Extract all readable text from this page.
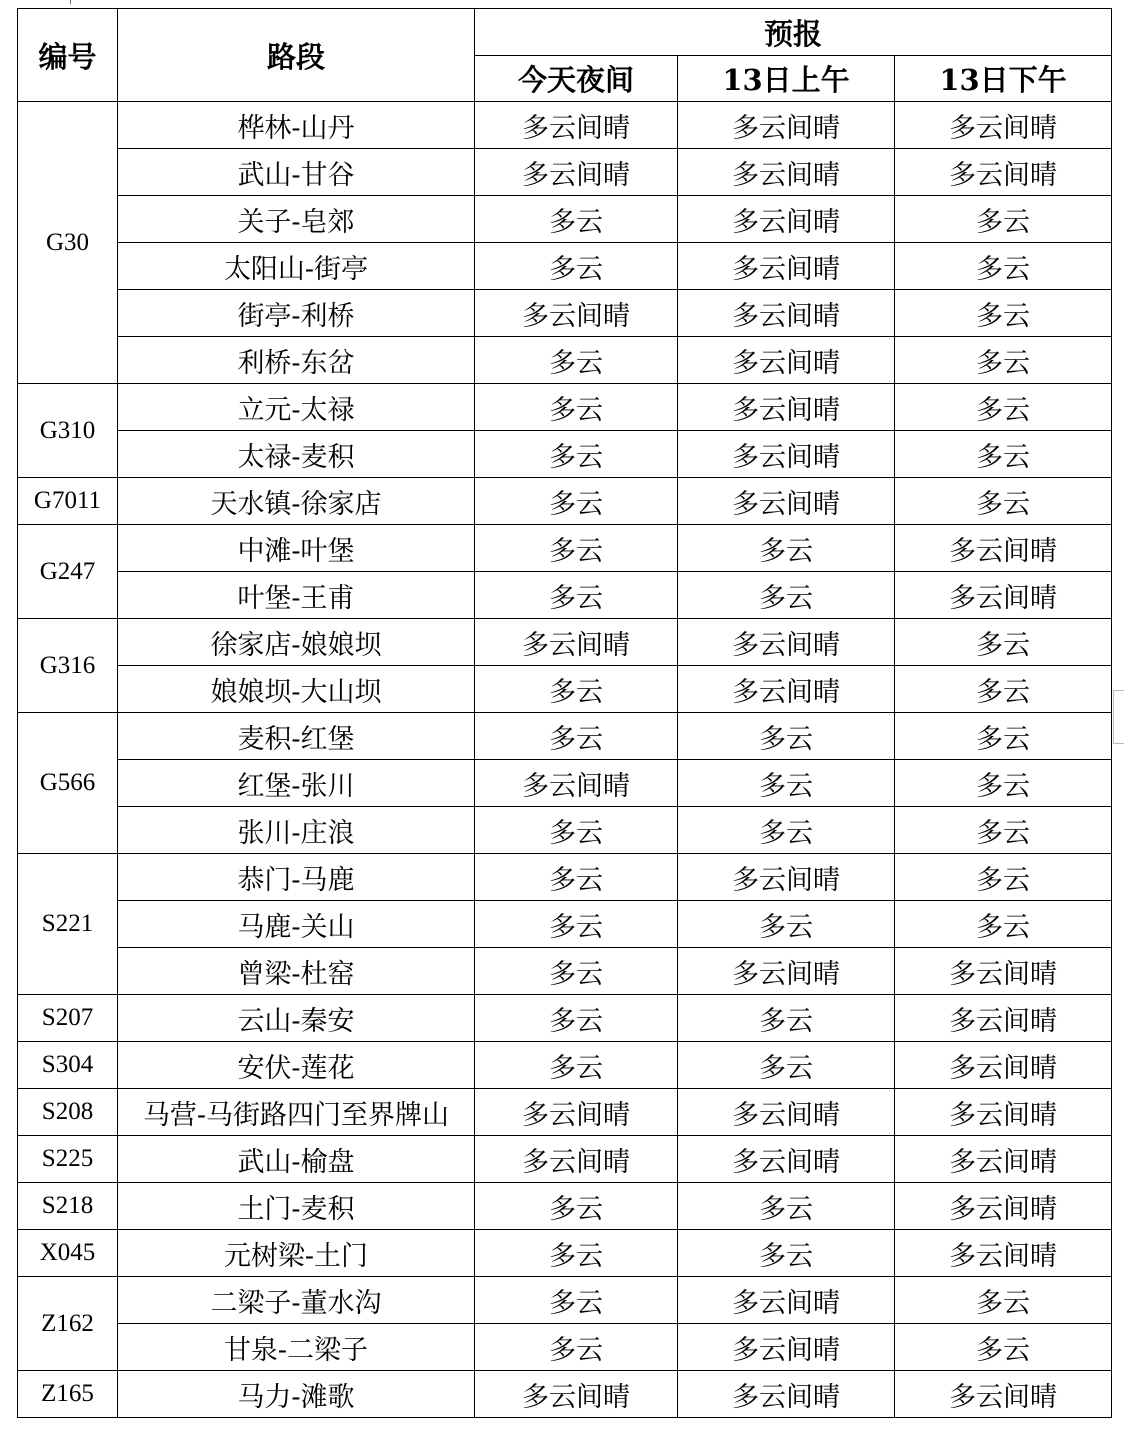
编号	路段	预报		
		今天夜间	13日上午	13日下午
G30	桦林-山丹	多云间晴	多云间晴	多云间晴
	武山-甘谷	多云间晴	多云间晴	多云间晴
	关子-皂郊	多云	多云间晴	多云
	太阳山-街亭	多云	多云间晴	多云
	街亭-利桥	多云间晴	多云间晴	多云
	利桥-东岔	多云	多云间晴	多云
G310	立元-太禄	多云	多云间晴	多云
	太禄-麦积	多云	多云间晴	多云
G7011	天水镇-徐家店	多云	多云间晴	多云
G247	中滩-叶堡	多云	多云	多云间晴
	叶堡-王甫	多云	多云	多云间晴
G316	徐家店-娘娘坝	多云间晴	多云间晴	多云
	娘娘坝-大山坝	多云	多云间晴	多云
G566	麦积-红堡	多云	多云	多云
	红堡-张川	多云间晴	多云	多云
	张川-庄浪	多云	多云	多云
S221	恭门-马鹿	多云	多云间晴	多云
	马鹿-关山	多云	多云	多云
	曾梁-杜窑	多云	多云间晴	多云间晴
S207	云山-秦安	多云	多云	多云间晴
S304	安伏-莲花	多云	多云	多云间晴
S208	马营-马街路四门至界牌山	多云间晴	多云间晴	多云间晴
S225	武山-榆盘	多云间晴	多云间晴	多云间晴
S218	土门-麦积	多云	多云	多云间晴
X045	元树梁-土门	多云	多云	多云间晴
Z162	二梁子-董水沟	多云	多云间晴	多云
	甘泉-二梁子	多云	多云间晴	多云
Z165	马力-滩歌	多云间晴	多云间晴	多云间晴
